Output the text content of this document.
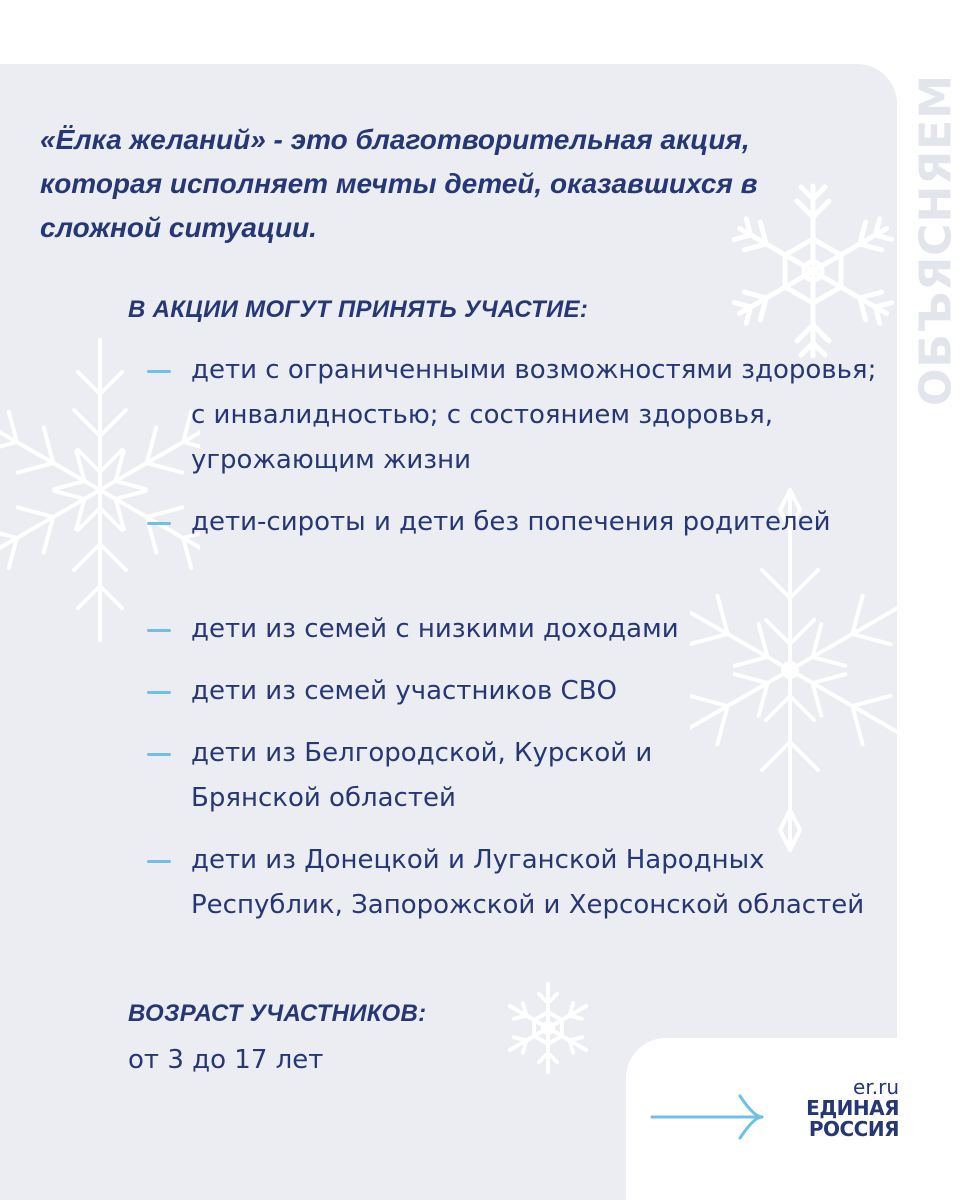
ОБЪЯСНЯЕМ

«Ёлка желаний» - это благотворительная акция, которая исполняет мечты детей, оказавшихся в сложной ситуации.

В АКЦИИ МОГУТ ПРИНЯТЬ УЧАСТИЕ:
дети с ограниченными возможностями здоровья; с инвалидностью; с состоянием здоровья, угрожающим жизни
дети-сироты и дети без попечения родителей
дети из семей с низкими доходами
дети из семей участников СВО
дети из Белгородской, Курской и Брянской областей
дети из Донецкой и Луганской Народных Республик, Запорожской и Херсонской областей
ВОЗРАСТ УЧАСТНИКОВ:
от 3 до 17 лет
er.ru
ЕДИНАЯ
РОССИЯ
